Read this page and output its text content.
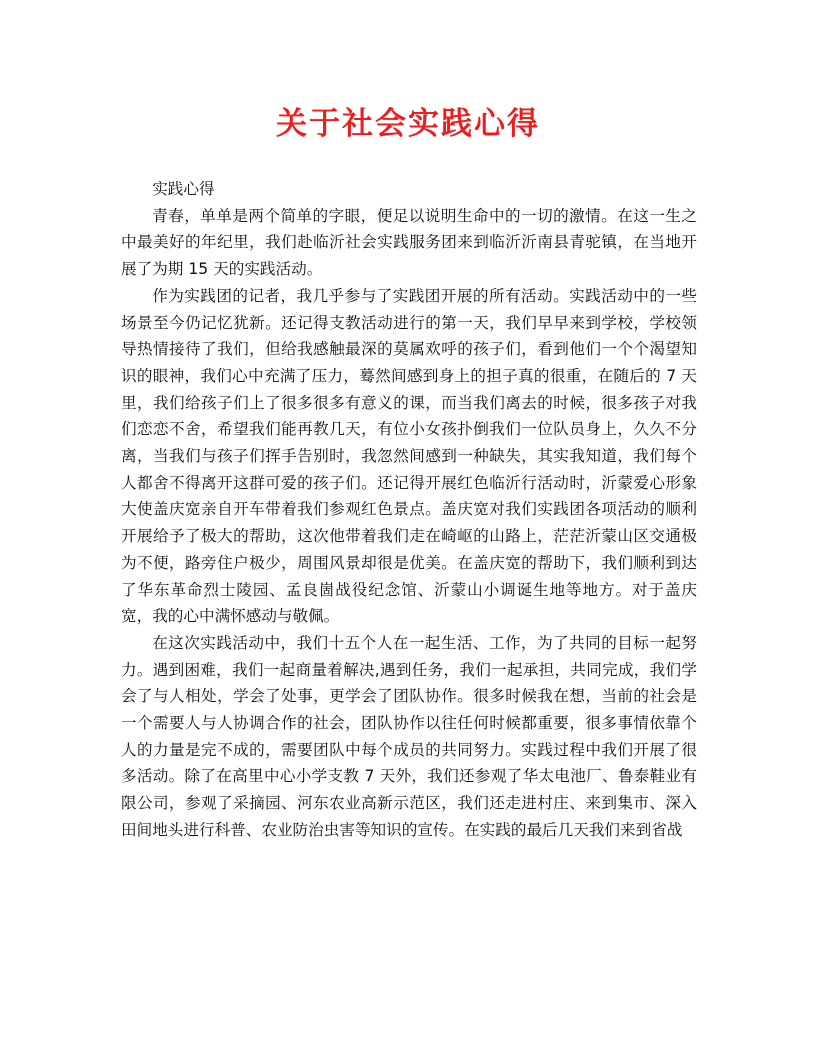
关于社会实践心得

实践心得

青春，单单是两个简单的字眼，便足以说明生命中的一切的激情。在这一生之中最美好的年纪里，我们赴临沂社会实践服务团来到临沂沂南县青驼镇，在当地开展了为期 15 天的实践活动。

作为实践团的记者，我几乎参与了实践团开展的所有活动。实践活动中的一些场景至今仍记忆犹新。还记得支教活动进行的第一天，我们早早来到学校，学校领导热情接待了我们，但给我感触最深的莫属欢呼的孩子们，看到他们一个个渴望知识的眼神，我们心中充满了压力，蓦然间感到身上的担子真的很重，在随后的 7 天里，我们给孩子们上了很多很多有意义的课，而当我们离去的时候，很多孩子对我们恋恋不舍，希望我们能再教几天，有位小女孩扑倒我们一位队员身上，久久不分离，当我们与孩子们挥手告别时，我忽然间感到一种缺失，其实我知道，我们每个人都舍不得离开这群可爱的孩子们。还记得开展红色临沂行活动时，沂蒙爱心形象大使盖庆宽亲自开车带着我们参观红色景点。盖庆宽对我们实践团各项活动的顺利开展给予了极大的帮助，这次他带着我们走在崎岖的山路上，茫茫沂蒙山区交通极为不便，路旁住户极少，周围风景却很是优美。在盖庆宽的帮助下，我们顺利到达了华东革命烈士陵园、孟良崮战役纪念馆、沂蒙山小调诞生地等地方。对于盖庆宽，我的心中满怀感动与敬佩。

在这次实践活动中，我们十五个人在一起生活、工作，为了共同的目标一起努力。遇到困难，我们一起商量着解决,遇到任务，我们一起承担，共同完成，我们学会了与人相处，学会了处事，更学会了团队协作。很多时候我在想，当前的社会是一个需要人与人协调合作的社会，团队协作以往任何时候都重要，很多事情依靠个人的力量是完不成的，需要团队中每个成员的共同努力。实践过程中我们开展了很多活动。除了在高里中心小学支教 7 天外，我们还参观了华太电池厂、鲁泰鞋业有限公司，参观了采摘园、河东农业高新示范区，我们还走进村庄、来到集市、深入田间地头进行科普、农业防治虫害等知识的宣传。在实践的最后几天我们来到省战
